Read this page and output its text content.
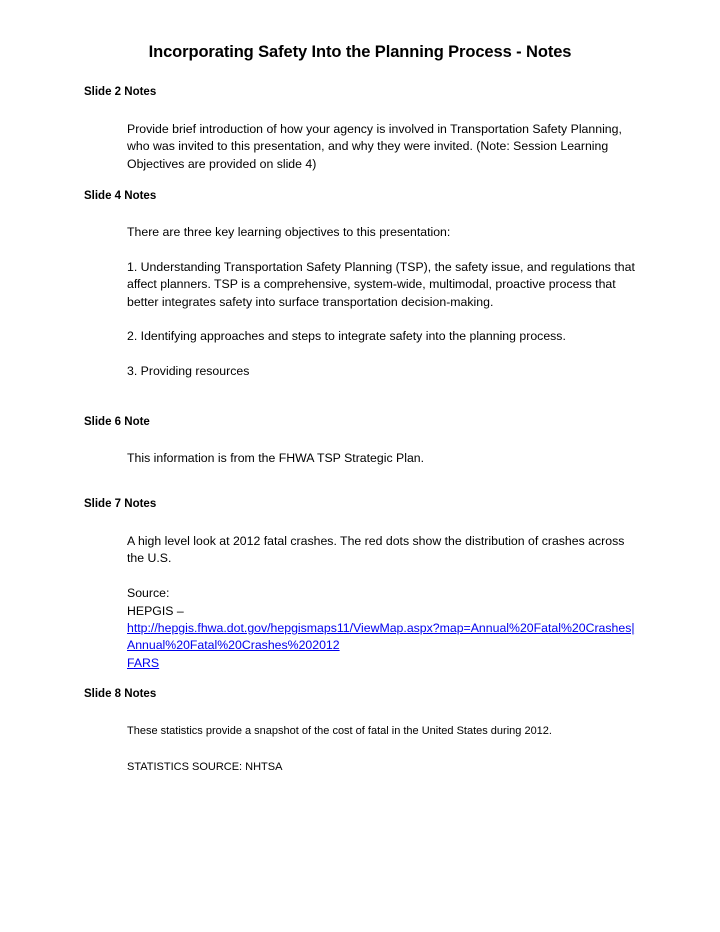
Incorporating Safety Into the Planning Process - Notes
Slide 2 Notes

Provide brief introduction of how your agency is involved in Transportation Safety Planning, who was invited to this presentation, and why they were invited. (Note: Session Learning Objectives are provided on slide 4)

Slide 4 Notes

There are three key learning objectives to this presentation:

1. Understanding Transportation Safety Planning (TSP), the safety issue, and regulations that affect planners. TSP is a comprehensive, system-wide, multimodal, proactive process that better integrates safety into surface transportation decision-making.

2. Identifying approaches and steps to integrate safety into the planning process.

3. Providing resources

Slide 6 Note

This information is from the FHWA TSP Strategic Plan.

Slide 7 Notes

A high level look at 2012 fatal crashes. The red dots show the distribution of crashes across the U.S.

Source:

HEPGIS –

http://hepgis.fhwa.dot.gov/hepgismaps11/ViewMap.aspx?map=Annual%20Fatal%20Crashes|Annual%20Fatal%20Crashes%202012

FARS

Slide 8 Notes

These statistics provide a snapshot of the cost of fatal in the United States during 2012.

STATISTICS SOURCE: NHTSA
